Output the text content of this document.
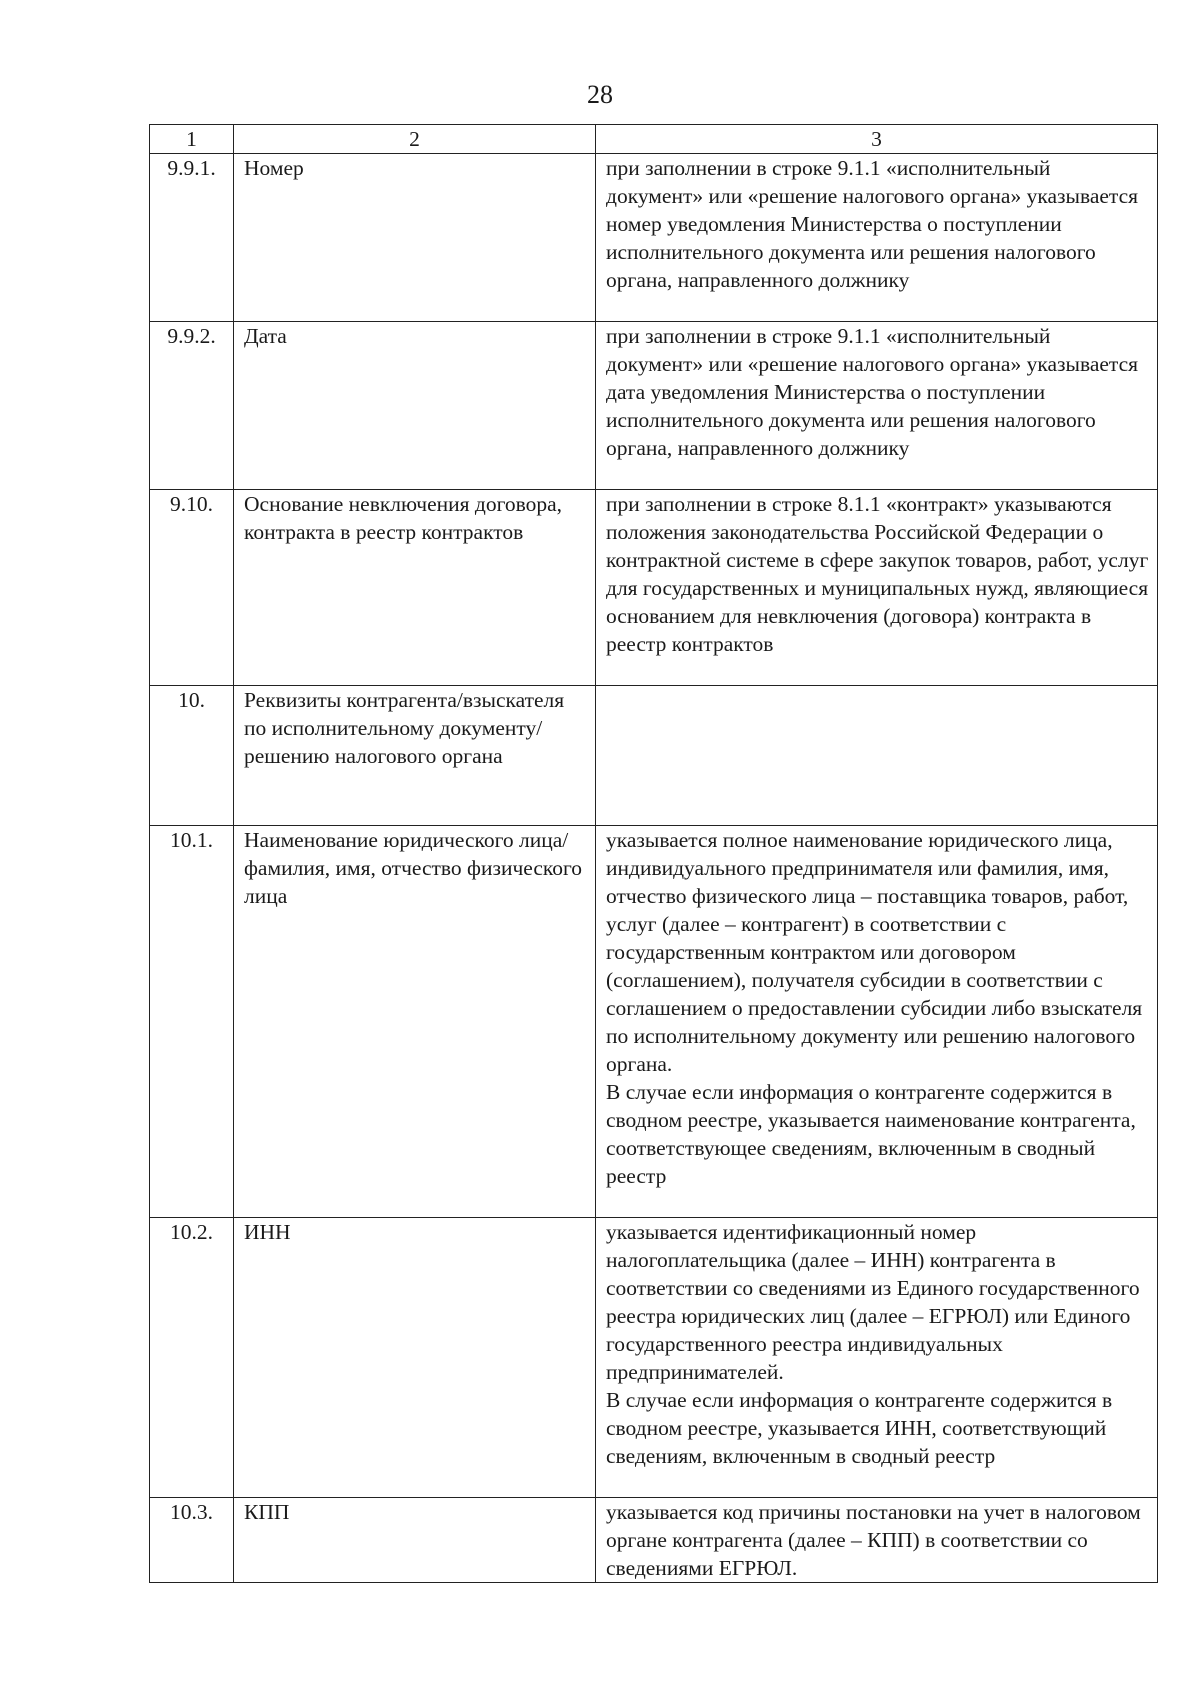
28
1	2	3
9.9.1.	Номер	при заполнении в строке 9.1.1 «исполнительный документ» или «решение налогового органа» указывается номер уведомления Министерства о поступлении исполнительного документа или решения налогового органа, направленного должнику

9.9.2.	Дата	при заполнении в строке 9.1.1 «исполнительный документ» или «решение налогового органа» указывается дата уведомления Министерства о поступлении исполнительного документа или решения налогового органа, направленного должнику

9.10.	Основание невключения договора, контракта в реестр контрактов	при заполнении в строке 8.1.1 «контракт» указываются положения законодательства Российской Федерации о контрактной системе в сфере закупок товаров, работ, услуг для государственных и муниципальных нужд, являющиеся основанием для невключения (договора) контракта в реестр контрактов

10.	Реквизиты контрагента/взыскателя по исполнительному документу/решению налогового органа	

10.1.	Наименование юридического лица/фамилия, имя, отчество физического лица	указывается полное наименование юридического лица, индивидуального предпринимателя или фамилия, имя, отчество физического лица – поставщика товаров, работ, услуг (далее – контрагент) в соответствии с государственным контрактом или договором (соглашением), получателя субсидии в соответствии с соглашением о предоставлении субсидии либо взыскателя по исполнительному документу или решению налогового органа.
В случае если информация о контрагенте содержится в сводном реестре, указывается наименование контрагента, соответствующее сведениям, включенным в сводный реестр

10.2.	ИНН	указывается идентификационный номер налогоплательщика (далее – ИНН) контрагента в соответствии со сведениями из Единого государственного реестра юридических лиц (далее – ЕГРЮЛ) или Единого государственного реестра индивидуальных предпринимателей.
В случае если информация о контрагенте содержится в сводном реестре, указывается ИНН, соответствующий сведениям, включенным в сводный реестр

10.3.	КПП	указывается код причины постановки на учет в налоговом органе контрагента (далее – КПП) в соответствии со сведениями ЕГРЮЛ.
